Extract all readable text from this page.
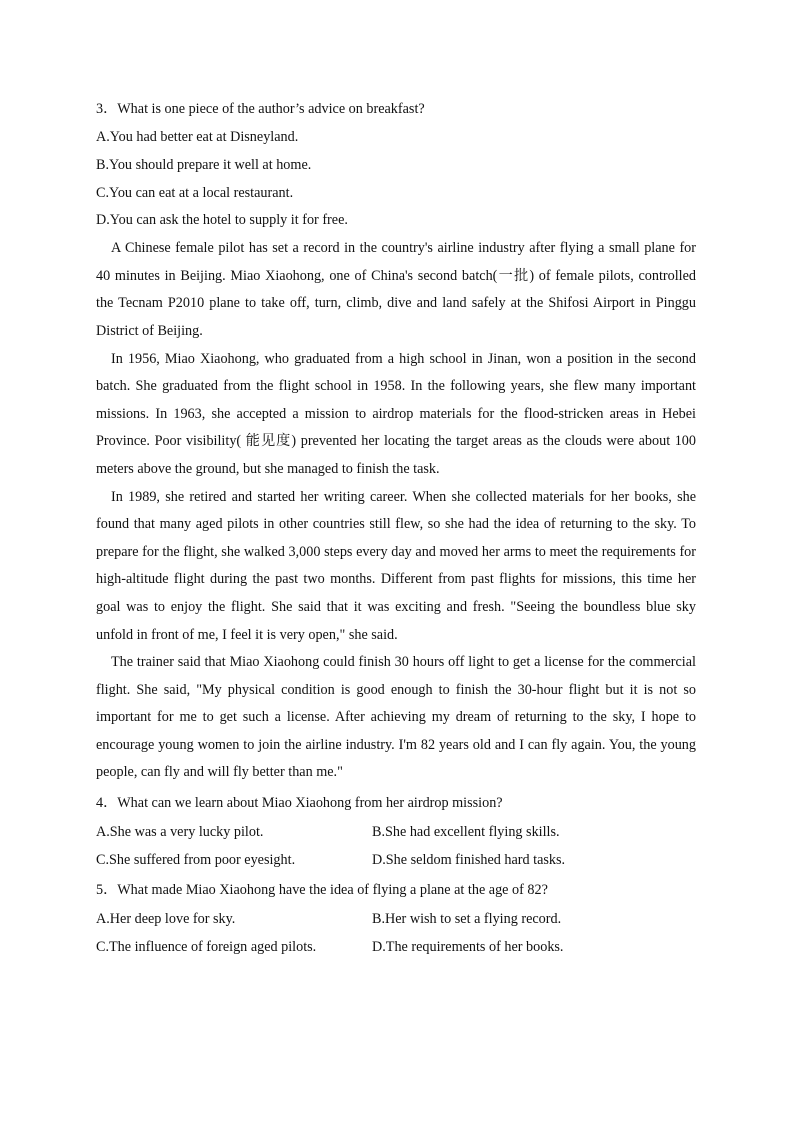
3．What is one piece of the author’s advice on breakfast?
A.You had better eat at Disneyland.
B.You should prepare it well at home.
C.You can eat at a local restaurant.
D.You can ask the hotel to supply it for free.

A Chinese female pilot has set a record in the country's airline industry after flying a small plane for 40 minutes in Beijing. Miao Xiaohong, one of China's second batch(一批) of female pilots, controlled the Tecnam P2010 plane to take off, turn, climb, dive and land safely at the Shifosi Airport in Pinggu District of Beijing.

In 1956, Miao Xiaohong, who graduated from a high school in Jinan, won a position in the second batch. She graduated from the flight school in 1958. In the following years, she flew many important missions. In 1963, she accepted a mission to airdrop materials for the flood-stricken areas in Hebei Province. Poor visibility( 能见度) prevented her locating the target areas as the clouds were about 100 meters above the ground, but she managed to finish the task.

In 1989, she retired and started her writing career. When she collected materials for her books, she found that many aged pilots in other countries still flew, so she had the idea of returning to the sky. To prepare for the flight, she walked 3,000 steps every day and moved her arms to meet the requirements for high-altitude flight during the past two months. Different from past flights for missions, this time her goal was to enjoy the flight. She said that it was exciting and fresh. "Seeing the boundless blue sky unfold in front of me, I feel it is very open," she said.

The trainer said that Miao Xiaohong could finish 30 hours off light to get a license for the commercial flight. She said, "My physical condition is good enough to finish the 30-hour flight but it is not so important for me to get such a license. After achieving my dream of returning to the sky, I hope to encourage young women to join the airline industry. I'm 82 years old and I can fly again. You, the young people, can fly and will fly better than me."

4．What can we learn about Miao Xiaohong from her airdrop mission?
A.She was a very lucky pilot.	B.She had excellent flying skills.
C.She suffered from poor eyesight.	D.She seldom finished hard tasks.
5．What made Miao Xiaohong have the idea of flying a plane at the age of 82?
A.Her deep love for sky.	B.Her wish to set a flying record.
C.The influence of foreign aged pilots.	D.The requirements of her books.
